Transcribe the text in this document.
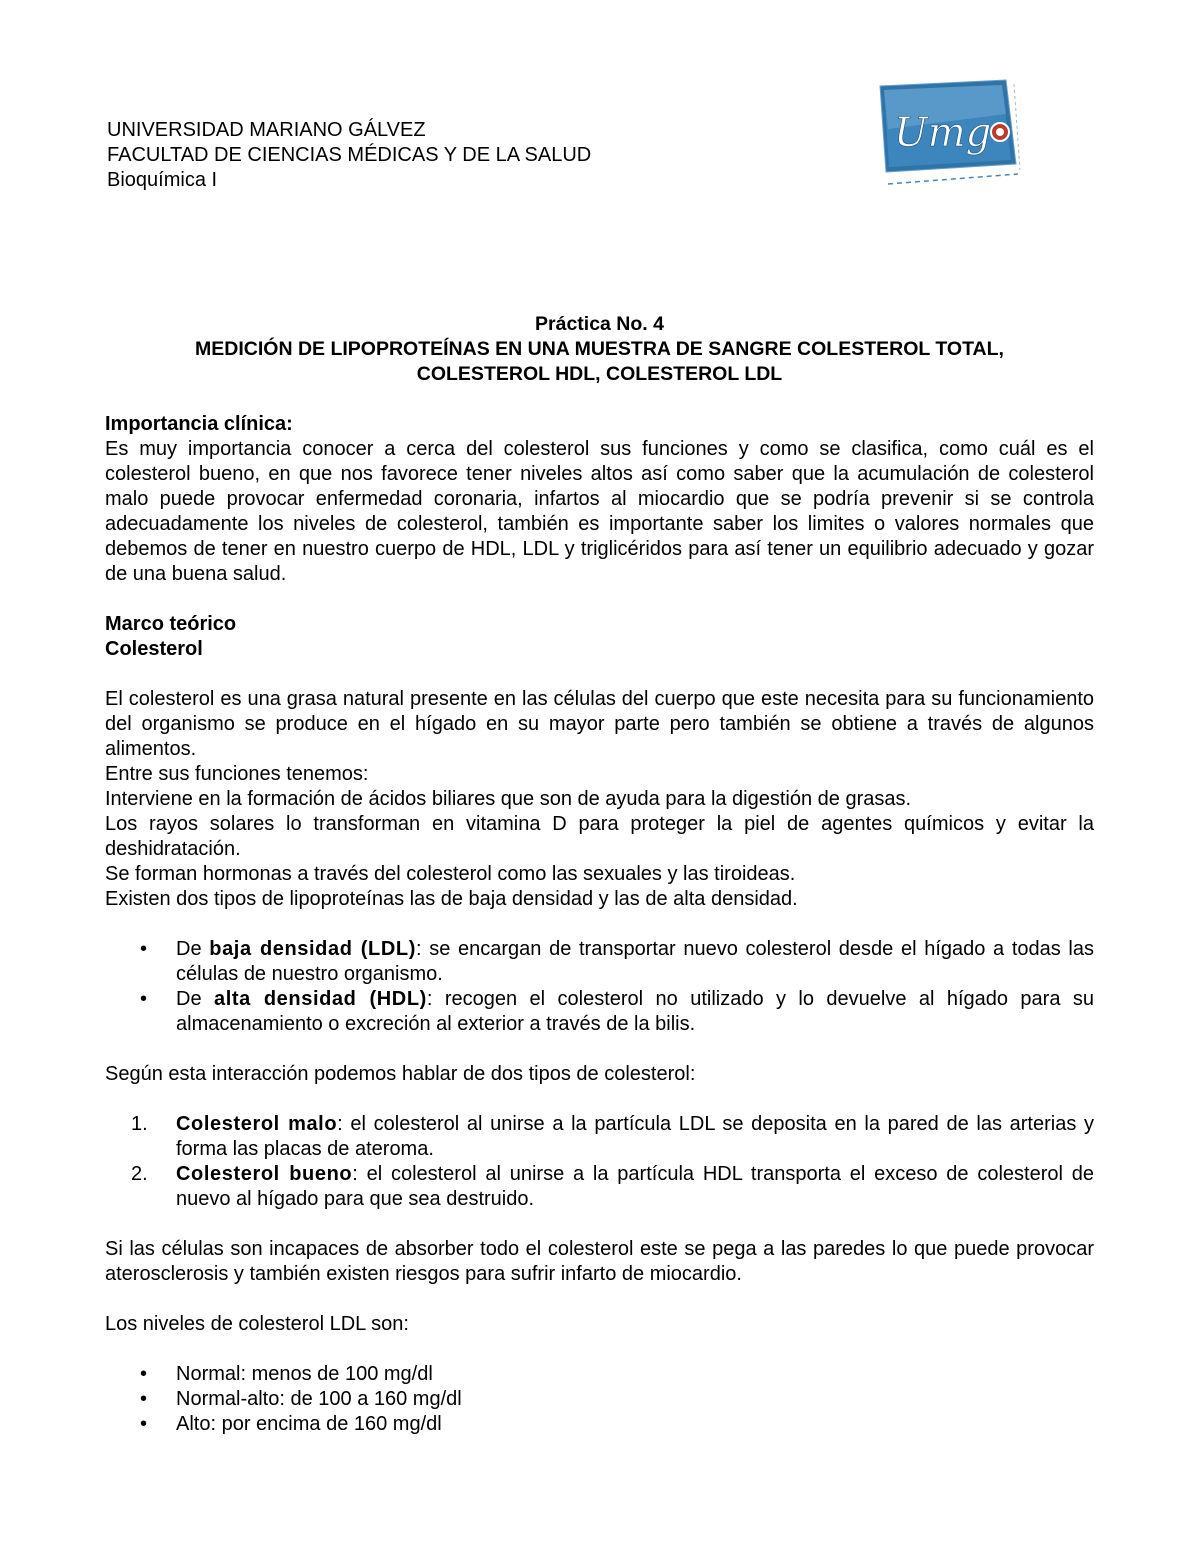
UNIVERSIDAD MARIANO GÁLVEZ
FACULTAD DE CIENCIAS MÉDICAS Y DE LA SALUD
Bioquímica I
Umg
Práctica No. 4
MEDICIÓN DE LIPOPROTEÍNAS EN UNA MUESTRA DE SANGRE COLESTEROL TOTAL,
COLESTEROL HDL, COLESTEROL LDL
Importancia clínica:
Es muy importancia conocer a cerca del colesterol sus funciones y como se clasifica, como cuál es el colesterol bueno, en que nos favorece tener niveles altos así como saber que la acumulación de colesterol malo puede provocar enfermedad coronaria, infartos al miocardio que se podría prevenir si se controla adecuadamente los niveles de colesterol, también es importante saber los limites o valores normales que debemos de tener en nuestro cuerpo de HDL, LDL y triglicéridos para así tener un equilibrio adecuado y gozar de una buena salud.
Marco teórico
Colesterol
El colesterol es una grasa natural presente en las células del cuerpo que este necesita para su funcionamiento del organismo se produce en el hígado en su mayor parte pero también se obtiene a través de algunos alimentos.
Entre sus funciones tenemos:
Interviene en la formación de ácidos biliares que son de ayuda para la digestión de grasas.
Los rayos solares lo transforman en vitamina D para proteger la piel de agentes químicos y evitar la deshidratación.
Se forman hormonas a través del colesterol como las sexuales y las tiroideas.
Existen dos tipos de lipoproteínas las de baja densidad y las de alta densidad.
• De baja densidad (LDL): se encargan de transportar nuevo colesterol desde el hígado a todas las células de nuestro organismo.
• De alta densidad (HDL): recogen el colesterol no utilizado y lo devuelve al hígado para su almacenamiento o excreción al exterior a través de la bilis.
Según esta interacción podemos hablar de dos tipos de colesterol:
1. Colesterol malo: el colesterol al unirse a la partícula LDL se deposita en la pared de las arterias y forma las placas de ateroma.
2. Colesterol bueno: el colesterol al unirse a la partícula HDL transporta el exceso de colesterol de nuevo al hígado para que sea destruido.
Si las células son incapaces de absorber todo el colesterol este se pega a las paredes lo que puede provocar aterosclerosis y también existen riesgos para sufrir infarto de miocardio.
Los niveles de colesterol LDL son:
• Normal: menos de 100 mg/dl
• Normal-alto: de 100 a 160 mg/dl
• Alto: por encima de 160 mg/dl
